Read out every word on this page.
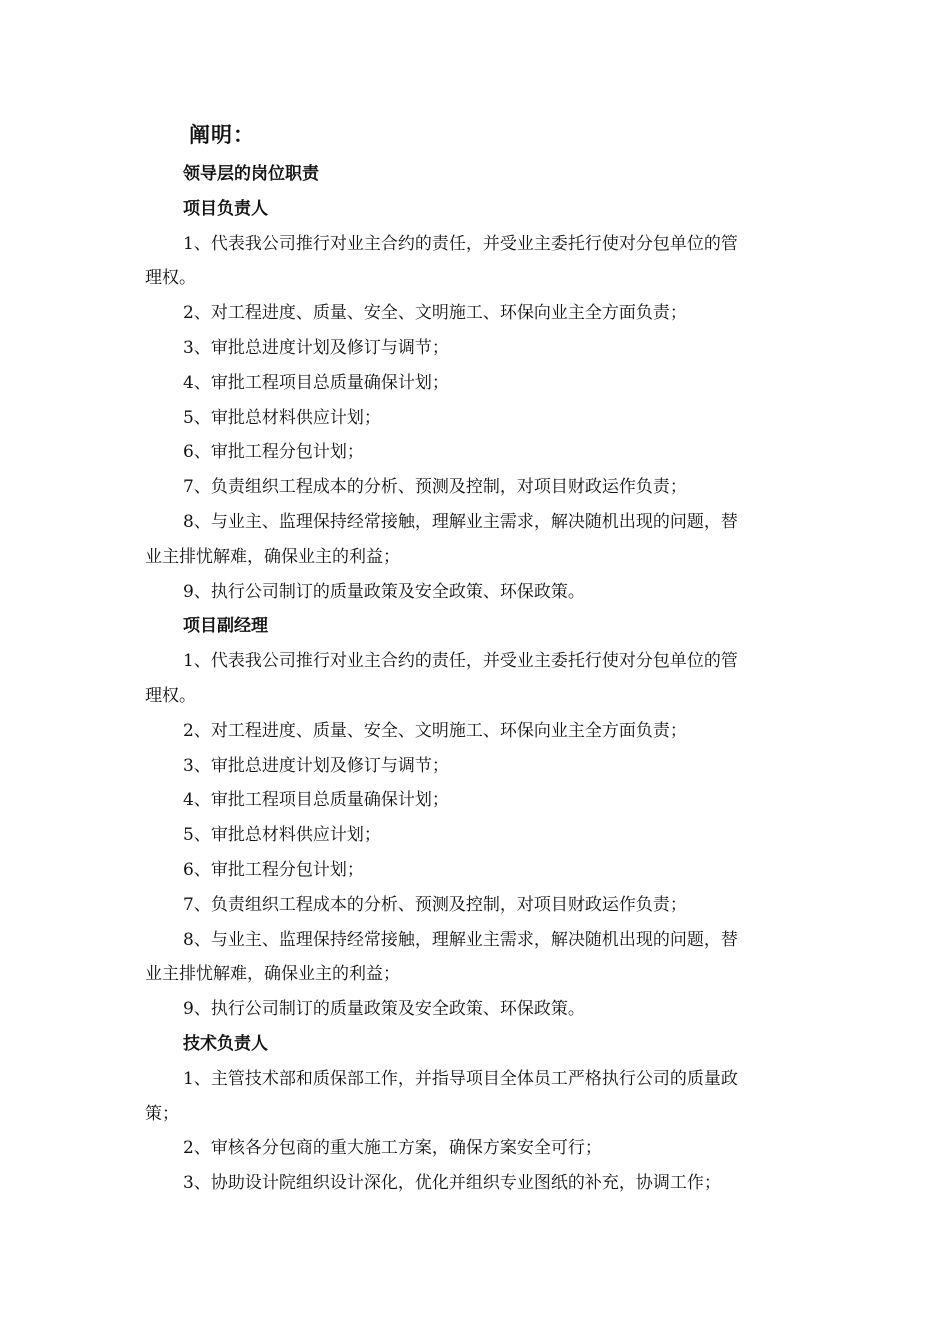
阐明：
领导层的岗位职责
项目负责人
1、代表我公司推行对业主合约的责任，并受业主委托行使对分包单位的管
理权。
2、对工程进度、质量、安全、文明施工、环保向业主全方面负责；
3、审批总进度计划及修订与调节；
4、审批工程项目总质量确保计划；
5、审批总材料供应计划；
6、审批工程分包计划；
7、负责组织工程成本的分析、预测及控制，对项目财政运作负责；
8、与业主、监理保持经常接触，理解业主需求，解决随机出现的问题，替
业主排忧解难，确保业主的利益；
9、执行公司制订的质量政策及安全政策、环保政策。
项目副经理
1、代表我公司推行对业主合约的责任，并受业主委托行使对分包单位的管
理权。
2、对工程进度、质量、安全、文明施工、环保向业主全方面负责；
3、审批总进度计划及修订与调节；
4、审批工程项目总质量确保计划；
5、审批总材料供应计划；
6、审批工程分包计划；
7、负责组织工程成本的分析、预测及控制，对项目财政运作负责；
8、与业主、监理保持经常接触，理解业主需求，解决随机出现的问题，替
业主排忧解难，确保业主的利益；
9、执行公司制订的质量政策及安全政策、环保政策。
技术负责人
1、主管技术部和质保部工作，并指导项目全体员工严格执行公司的质量政
策；
2、审核各分包商的重大施工方案，确保方案安全可行；
3、协助设计院组织设计深化，优化并组织专业图纸的补充，协调工作；
